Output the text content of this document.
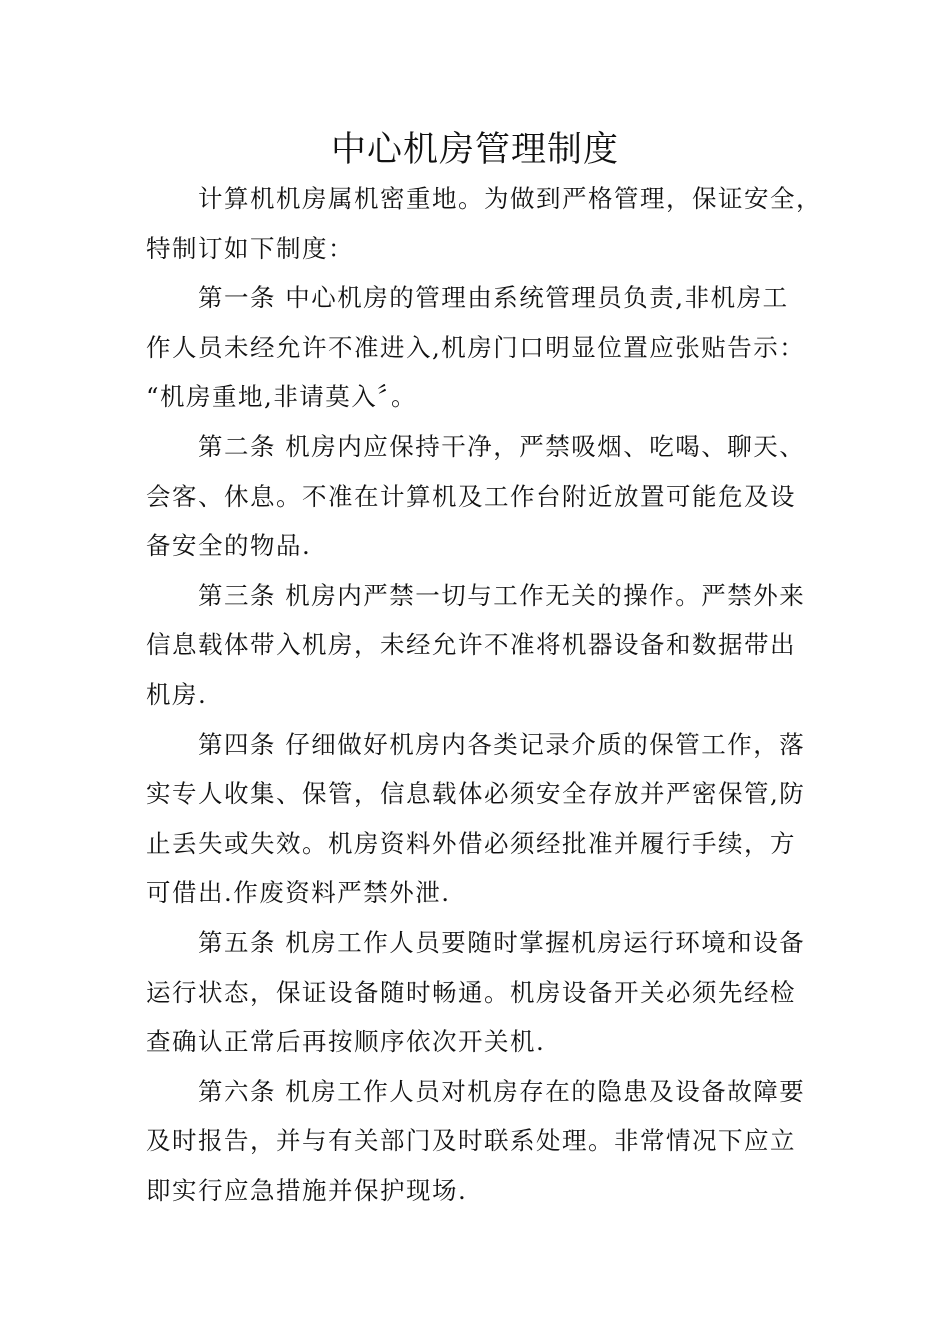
中心机房管理制度
计算机机房属机密重地。为做到严格管理，保证安全，
特制订如下制度：
第一条 中心机房的管理由系统管理员负责,非机房工
作人员未经允许不准进入,机房门口明显位置应张贴告示：
“机房重地,非请莫入〞。
第二条 机房内应保持干净，严禁吸烟、吃喝、聊天、
会客、休息。不准在计算机及工作台附近放置可能危及设
备安全的物品.
第三条 机房内严禁一切与工作无关的操作。严禁外来
信息载体带入机房，未经允许不准将机器设备和数据带出
机房.
第四条 仔细做好机房内各类记录介质的保管工作，落
实专人收集、保管，信息载体必须安全存放并严密保管,防
止丢失或失效。机房资料外借必须经批准并履行手续，方
可借出.作废资料严禁外泄.
第五条 机房工作人员要随时掌握机房运行环境和设备
运行状态，保证设备随时畅通。机房设备开关必须先经检
查确认正常后再按顺序依次开关机.
第六条 机房工作人员对机房存在的隐患及设备故障要
及时报告，并与有关部门及时联系处理。非常情况下应立
即实行应急措施并保护现场.
